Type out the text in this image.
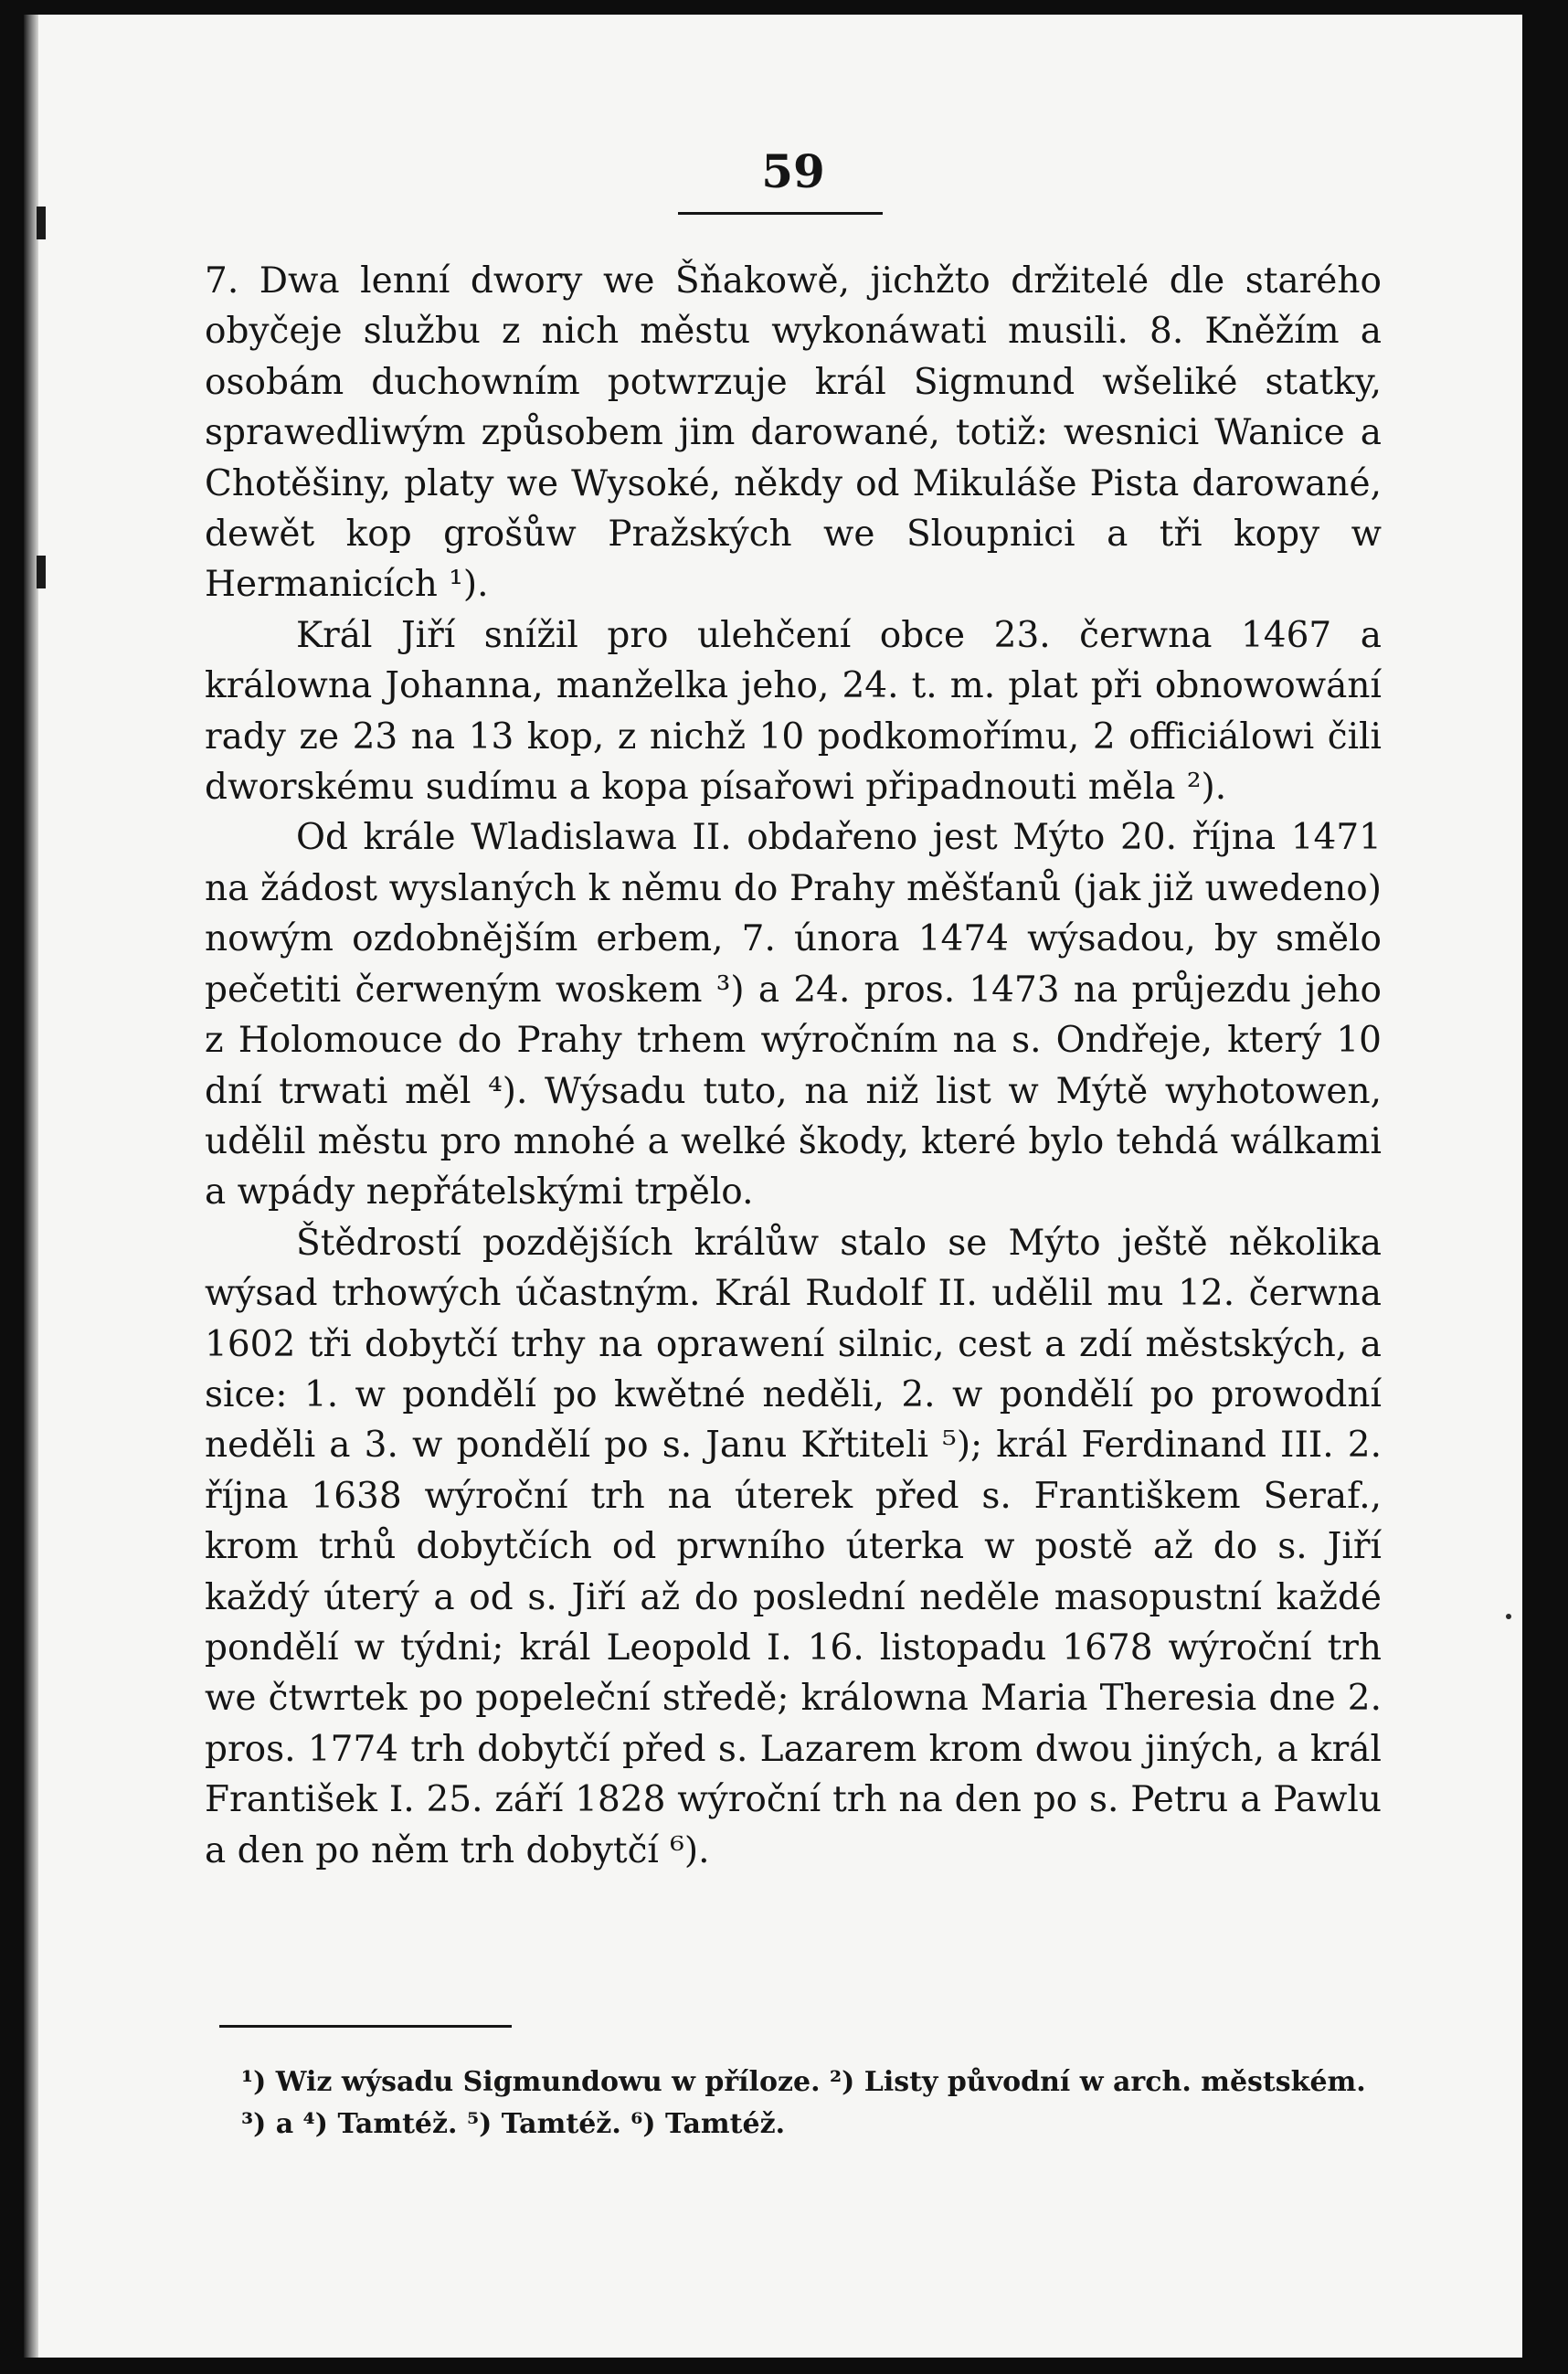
59

7. Dwa lenní dwory we Šňakowě, jichžto držitelé dle starého obyčeje službu z nich městu wykonáwati musili. 8. Kněžím a osobám duchowním potwrzuje král Sigmund wšeliké statky, sprawedliwým způsobem jim darowané, totiž: wesnici Wanice a Chotěšiny, platy we Wysoké, někdy od Mikuláše Pista darowané, dewět kop grošůw Pražských we Sloupnici a tři kopy w Hermanicích ¹).

Král Jiří snížil pro ulehčení obce 23. čerwna 1467 a králowna Johanna, manželka jeho, 24. t. m. plat při obnowowání rady ze 23 na 13 kop, z nichž 10 podkomořímu, 2 officiálowi čili dworskému sudímu a kopa písařowi připadnouti měla ²).

Od krále Wladislawa II. obdařeno jest Mýto 20. října 1471 na žádost wyslaných k němu do Prahy měšťanů (jak již uwedeno) nowým ozdobnějším erbem, 7. února 1474 wýsadou, by smělo pečetiti čerweným woskem ³) a 24. pros. 1473 na průjezdu jeho z Holomouce do Prahy trhem wýročním na s. Ondřeje, který 10 dní trwati měl ⁴). Wýsadu tuto, na niž list w Mýtě wyhotowen, udělil městu pro mnohé a welké škody, které bylo tehdá wálkami a wpády nepřátelskými trpělo.

Štědrostí pozdějších králůw stalo se Mýto ještě několika wýsad trhowých účastným. Král Rudolf II. udělil mu 12. čerwna 1602 tři dobytčí trhy na oprawení silnic, cest a zdí městských, a sice: 1. w pondělí po kwětné neděli, 2. w pondělí po prowodní neděli a 3. w pondělí po s. Janu Křtiteli ⁵); král Ferdinand III. 2. října 1638 wýroční trh na úterek před s. Františkem Seraf., krom trhů dobytčích od prwního úterka w postě až do s. Jiří každý úterý a od s. Jiří až do poslední neděle masopustní každé pondělí w týdni; král Leopold I. 16. listopadu 1678 wýroční trh we čtwrtek po popeleční středě; králowna Maria Theresia dne 2. pros. 1774 trh dobytčí před s. Lazarem krom dwou jiných, a král František I. 25. září 1828 wýroční trh na den po s. Petru a Pawlu a den po něm trh dobytčí ⁶).

¹) Wiz wýsadu Sigmundowu w příloze. ²) Listy původní w arch. městském.

³) a ⁴) Tamtéž. ⁵) Tamtéž. ⁶) Tamtéž.
